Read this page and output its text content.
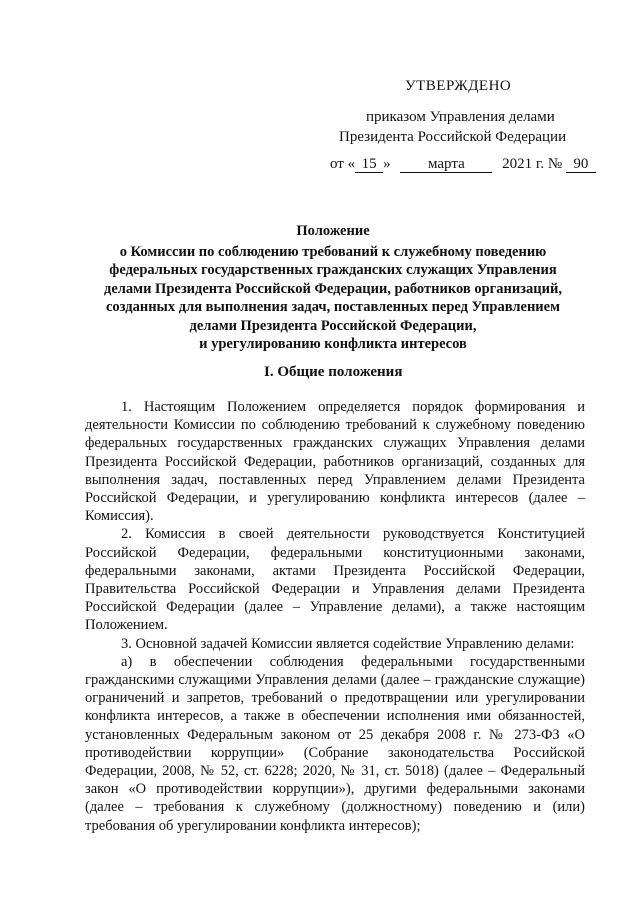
УТВЕРЖДЕНО
приказом Управления делами
Президента Российской Федерации
от « 15 » марта 2021 г. № 90
Положение
о Комиссии по соблюдению требований к служебному поведению
федеральных государственных гражданских служащих Управления
делами Президента Российской Федерации, работников организаций,
созданных для выполнения задач, поставленных перед Управлением
делами Президента Российской Федерации,
и урегулированию конфликта интересов
I. Общие положения

1. Настоящим Положением определяется порядок формирования и деятельности Комиссии по соблюдению требований к служебному поведению федеральных государственных гражданских служащих Управления делами Президента Российской Федерации, работников организаций, созданных для выполнения задач, поставленных перед Управлением делами Президента Российской Федерации, и урегулированию конфликта интересов (далее – Комиссия).

2. Комиссия в своей деятельности руководствуется Конституцией Российской Федерации, федеральными конституционными законами, федеральными законами, актами Президента Российской Федерации, Правительства Российской Федерации и Управления делами Президента Российской Федерации (далее – Управление делами), а также настоящим Положением.

3. Основной задачей Комиссии является содействие Управлению делами:

а) в обеспечении соблюдения федеральными государственными гражданскими служащими Управления делами (далее – гражданские служащие) ограничений и запретов, требований о предотвращении или урегулировании конфликта интересов, а также в обеспечении исполнения ими обязанностей, установленных Федеральным законом от 25 декабря 2008 г. № 273-ФЗ «О противодействии коррупции» (Собрание законодательства Российской Федерации, 2008, № 52, ст. 6228; 2020, № 31, ст. 5018) (далее – Федеральный закон «О противодействии коррупции»), другими федеральными законами (далее – требования к служебному (должностному) поведению и (или) требования об урегулировании конфликта интересов);
